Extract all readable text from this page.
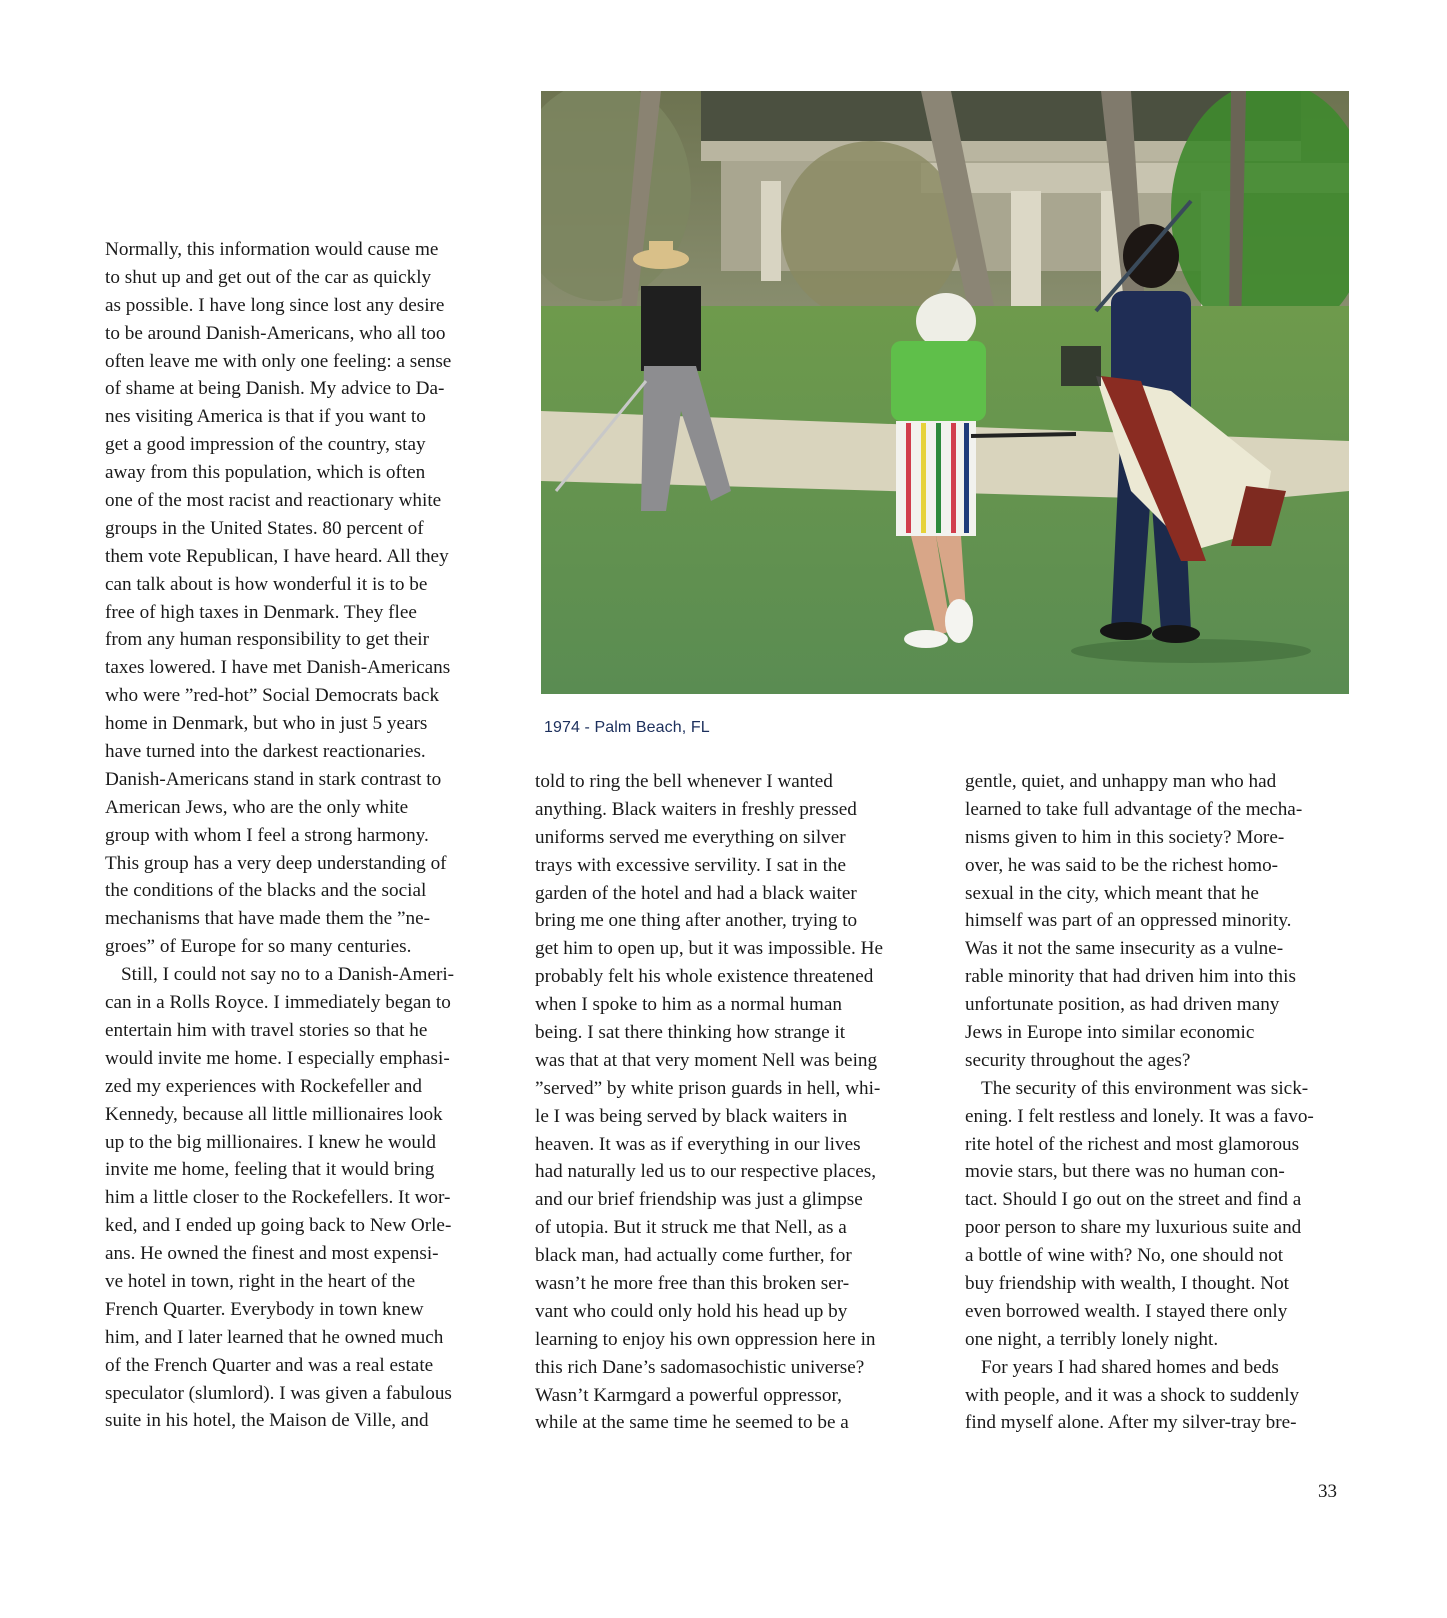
Normally, this information would cause me
to shut up and get out of the car as quickly
as possible. I have long since lost any desire
to be around Danish-Americans, who all too
often leave me with only one feeling: a sense
of shame at being Danish. My advice to Da-
nes visiting America is that if you want to
get a good impression of the country, stay
away from this population, which is often
one of the most racist and reactionary white
groups in the United States. 80 percent of
them vote Republican, I have heard. All they
can talk about is how wonderful it is to be
free of high taxes in Denmark. They flee
from any human responsibility to get their
taxes lowered. I have met Danish-Americans
who were ”red-hot” Social Democrats back
home in Denmark, but who in just 5 years
have turned into the darkest reactionaries.
Danish-Americans stand in stark contrast to
American Jews, who are the only white
group with whom I feel a strong harmony.
This group has a very deep understanding of
the conditions of the blacks and the social
mechanisms that have made them the ”ne-
groes” of Europe for so many centuries.
Still, I could not say no to a Danish-Ameri-
can in a Rolls Royce. I immediately began to
entertain him with travel stories so that he
would invite me home. I especially emphasi-
zed my experiences with Rockefeller and
Kennedy, because all little millionaires look
up to the big millionaires. I knew he would
invite me home, feeling that it would bring
him a little closer to the Rockefellers. It wor-
ked, and I ended up going back to New Orle-
ans. He owned the finest and most expensi-
ve hotel in town, right in the heart of the
French Quarter. Everybody in town knew
him, and I later learned that he owned much
of the French Quarter and was a real estate
speculator (slumlord). I was given a fabulous
suite in his hotel, the Maison de Ville, and
1974 - Palm Beach, FL
told to ring the bell whenever I wanted
anything. Black waiters in freshly pressed
uniforms served me everything on silver
trays with excessive servility. I sat in the
garden of the hotel and had a black waiter
bring me one thing after another, trying to
get him to open up, but it was impossible. He
probably felt his whole existence threatened
when I spoke to him as a normal human
being. I sat there thinking how strange it
was that at that very moment Nell was being
”served” by white prison guards in hell, whi-
le I was being served by black waiters in
heaven. It was as if everything in our lives
had naturally led us to our respective places,
and our brief friendship was just a glimpse
of utopia. But it struck me that Nell, as a
black man, had actually come further, for
wasn’t he more free than this broken ser-
vant who could only hold his head up by
learning to enjoy his own oppression here in
this rich Dane’s sadomasochistic universe?
Wasn’t Karmgard a powerful oppressor,
while at the same time he seemed to be a
gentle, quiet, and unhappy man who had
learned to take full advantage of the mecha-
nisms given to him in this society? More-
over, he was said to be the richest homo-
sexual in the city, which meant that he
himself was part of an oppressed minority.
Was it not the same insecurity as a vulne-
rable minority that had driven him into this
unfortunate position, as had driven many
Jews in Europe into similar economic
security throughout the ages?
The security of this environment was sick-
ening. I felt restless and lonely. It was a favo-
rite hotel of the richest and most glamorous
movie stars, but there was no human con-
tact. Should I go out on the street and find a
poor person to share my luxurious suite and
a bottle of wine with? No, one should not
buy friendship with wealth, I thought. Not
even borrowed wealth. I stayed there only
one night, a terribly lonely night.
For years I had shared homes and beds
with people, and it was a shock to suddenly
find myself alone. After my silver-tray bre-
33
